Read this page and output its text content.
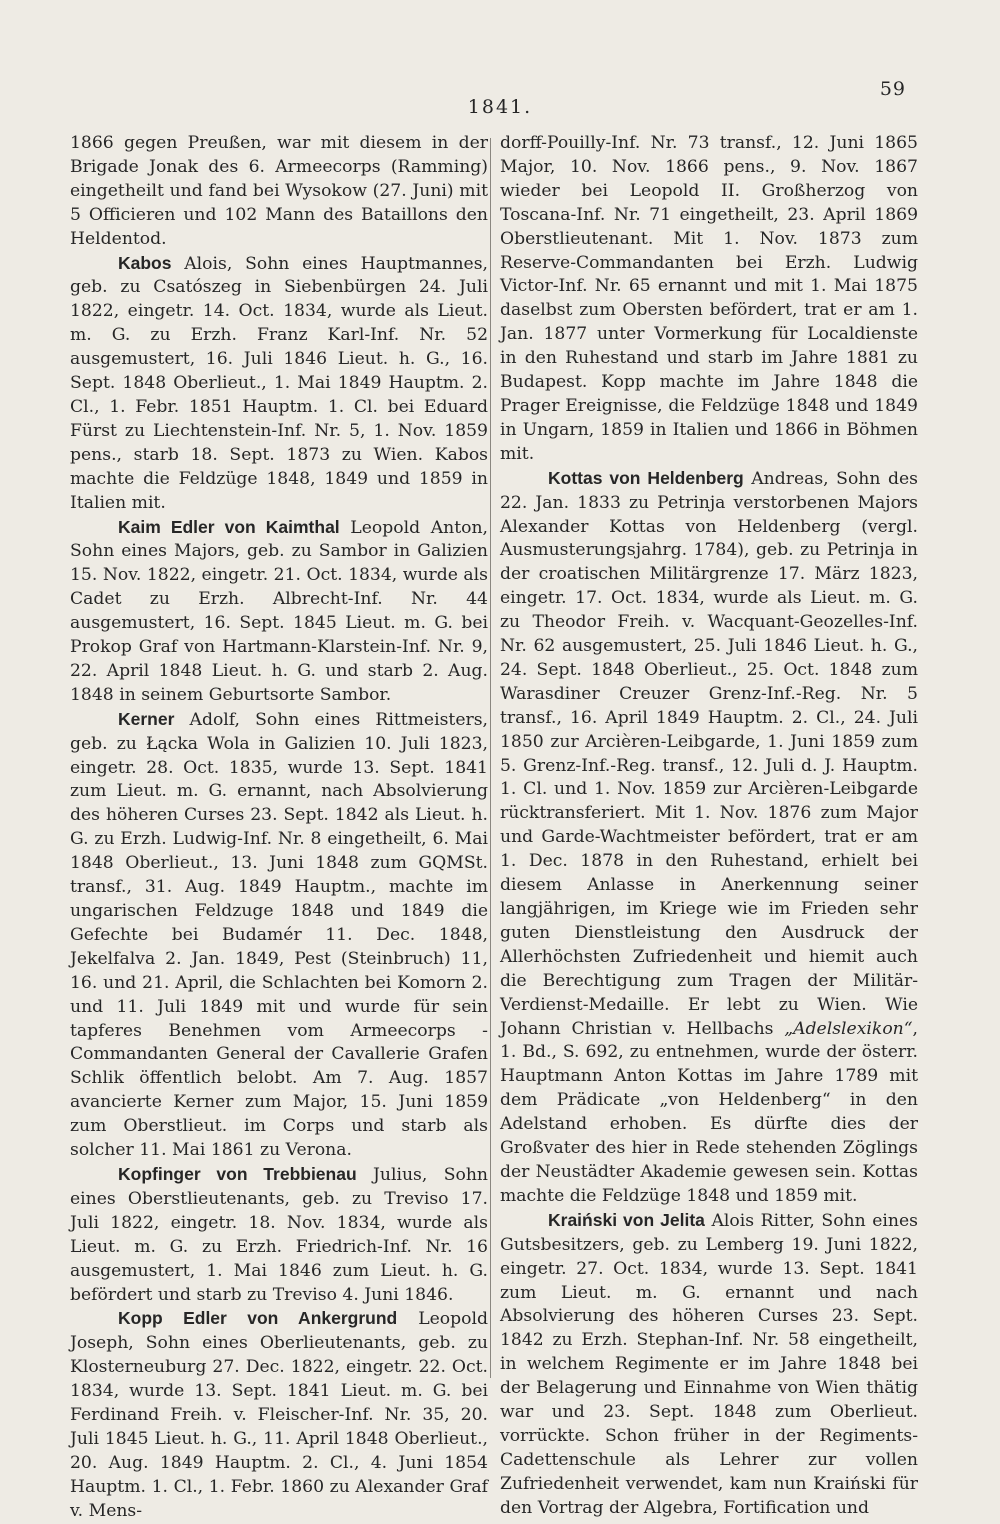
59
1841.

1866 gegen Preußen, war mit diesem in der Brigade Jonak des 6. Armeecorps (Ramming) eingetheilt und fand bei Wysokow (27. Juni) mit 5 Officieren und 102 Mann des Bataillons den Heldentod.

Kabos Alois, Sohn eines Hauptmannes, geb. zu Csatószeg in Siebenbürgen 24. Juli 1822, eingetr. 14. Oct. 1834, wurde als Lieut. m. G. zu Erzh. Franz Karl-Inf. Nr. 52 ausgemustert, 16. Juli 1846 Lieut. h. G., 16. Sept. 1848 Oberlieut., 1. Mai 1849 Hauptm. 2. Cl., 1. Febr. 1851 Hauptm. 1. Cl. bei Eduard Fürst zu Liechtenstein-Inf. Nr. 5, 1. Nov. 1859 pens., starb 18. Sept. 1873 zu Wien. Kabos machte die Feldzüge 1848, 1849 und 1859 in Italien mit.

Kaim Edler von Kaimthal Leopold Anton, Sohn eines Majors, geb. zu Sambor in Galizien 15. Nov. 1822, eingetr. 21. Oct. 1834, wurde als Cadet zu Erzh. Albrecht-Inf. Nr. 44 ausgemustert, 16. Sept. 1845 Lieut. m. G. bei Prokop Graf von Hartmann-Klarstein-Inf. Nr. 9, 22. April 1848 Lieut. h. G. und starb 2. Aug. 1848 in seinem Geburtsorte Sambor.

Kerner Adolf, Sohn eines Rittmeisters, geb. zu Łącka Wola in Galizien 10. Juli 1823, eingetr. 28. Oct. 1835, wurde 13. Sept. 1841 zum Lieut. m. G. ernannt, nach Absolvierung des höheren Curses 23. Sept. 1842 als Lieut. h. G. zu Erzh. Ludwig-Inf. Nr. 8 eingetheilt, 6. Mai 1848 Oberlieut., 13. Juni 1848 zum GQMSt. transf., 31. Aug. 1849 Hauptm., machte im ungarischen Feldzuge 1848 und 1849 die Gefechte bei Budamér 11. Dec. 1848, Jekelfalva 2. Jan. 1849, Pest (Steinbruch) 11, 16. und 21. April, die Schlachten bei Komorn 2. und 11. Juli 1849 mit und wurde für sein tapferes Benehmen vom Armeecorps - Commandanten General der Cavallerie Grafen Schlik öffentlich belobt. Am 7. Aug. 1857 avancierte Kerner zum Major, 15. Juni 1859 zum Oberstlieut. im Corps und starb als solcher 11. Mai 1861 zu Verona.

Kopfinger von Trebbienau Julius, Sohn eines Oberstlieutenants, geb. zu Treviso 17. Juli 1822, eingetr. 18. Nov. 1834, wurde als Lieut. m. G. zu Erzh. Friedrich-Inf. Nr. 16 ausgemustert, 1. Mai 1846 zum Lieut. h. G. befördert und starb zu Treviso 4. Juni 1846.

Kopp Edler von Ankergrund Leopold Joseph, Sohn eines Oberlieutenants, geb. zu Klosterneuburg 27. Dec. 1822, eingetr. 22. Oct. 1834, wurde 13. Sept. 1841 Lieut. m. G. bei Ferdinand Freih. v. Fleischer-Inf. Nr. 35, 20. Juli 1845 Lieut. h. G., 11. April 1848 Oberlieut., 20. Aug. 1849 Hauptm. 2. Cl., 4. Juni 1854 Hauptm. 1. Cl., 1. Febr. 1860 zu Alexander Graf v. Mens-

dorff-Pouilly-Inf. Nr. 73 transf., 12. Juni 1865 Major, 10. Nov. 1866 pens., 9. Nov. 1867 wieder bei Leopold II. Großherzog von Toscana-Inf. Nr. 71 eingetheilt, 23. April 1869 Oberstlieutenant. Mit 1. Nov. 1873 zum Reserve-Commandanten bei Erzh. Ludwig Victor-Inf. Nr. 65 ernannt und mit 1. Mai 1875 daselbst zum Obersten befördert, trat er am 1. Jan. 1877 unter Vormerkung für Localdienste in den Ruhestand und starb im Jahre 1881 zu Budapest. Kopp machte im Jahre 1848 die Prager Ereignisse, die Feldzüge 1848 und 1849 in Ungarn, 1859 in Italien und 1866 in Böhmen mit.

Kottas von Heldenberg Andreas, Sohn des 22. Jan. 1833 zu Petrinja verstorbenen Majors Alexander Kottas von Heldenberg (vergl. Ausmusterungsjahrg. 1784), geb. zu Petrinja in der croatischen Militärgrenze 17. März 1823, eingetr. 17. Oct. 1834, wurde als Lieut. m. G. zu Theodor Freih. v. Wacquant-Geozelles-Inf. Nr. 62 ausgemustert, 25. Juli 1846 Lieut. h. G., 24. Sept. 1848 Oberlieut., 25. Oct. 1848 zum Warasdiner Creuzer Grenz-Inf.-Reg. Nr. 5 transf., 16. April 1849 Hauptm. 2. Cl., 24. Juli 1850 zur Arcièren-Leibgarde, 1. Juni 1859 zum 5. Grenz-Inf.-Reg. transf., 12. Juli d. J. Hauptm. 1. Cl. und 1. Nov. 1859 zur Arcièren-Leibgarde rücktransferiert. Mit 1. Nov. 1876 zum Major und Garde-Wachtmeister befördert, trat er am 1. Dec. 1878 in den Ruhestand, erhielt bei diesem Anlasse in Anerkennung seiner langjährigen, im Kriege wie im Frieden sehr guten Dienstleistung den Ausdruck der Allerhöchsten Zufriedenheit und hiemit auch die Berechtigung zum Tragen der Militär-Verdienst-Medaille. Er lebt zu Wien. Wie Johann Christian v. Hellbachs „Adelslexikon“, 1. Bd., S. 692, zu entnehmen, wurde der österr. Hauptmann Anton Kottas im Jahre 1789 mit dem Prädicate „von Heldenberg“ in den Adelstand erhoben. Es dürfte dies der Großvater des hier in Rede stehenden Zöglings der Neustädter Akademie gewesen sein. Kottas machte die Feldzüge 1848 und 1859 mit.

Kraiński von Jelita Alois Ritter, Sohn eines Gutsbesitzers, geb. zu Lemberg 19. Juni 1822, eingetr. 27. Oct. 1834, wurde 13. Sept. 1841 zum Lieut. m. G. ernannt und nach Absolvierung des höheren Curses 23. Sept. 1842 zu Erzh. Stephan-Inf. Nr. 58 eingetheilt, in welchem Regimente er im Jahre 1848 bei der Belagerung und Einnahme von Wien thätig war und 23. Sept. 1848 zum Oberlieut. vorrückte. Schon früher in der Regiments-Cadettenschule als Lehrer zur vollen Zufriedenheit verwendet, kam nun Kraiński für den Vortrag der Algebra, Fortification und
